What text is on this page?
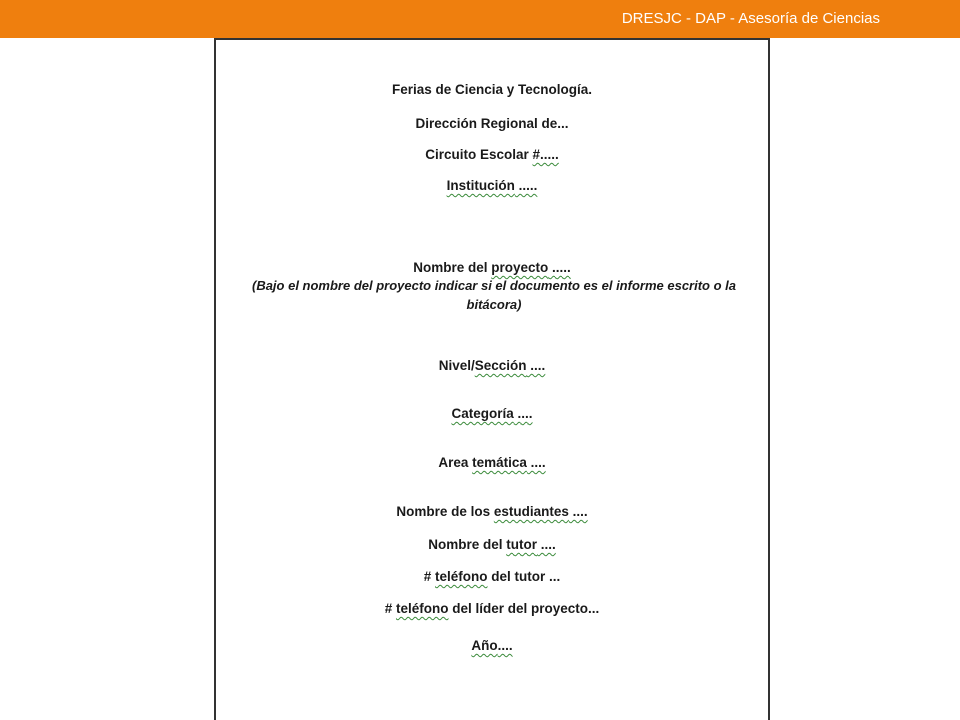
DRESJC - DAP - Asesoría de Ciencias
Ferias de Ciencia y Tecnología.
Dirección Regional de...
Circuito Escolar #.....
Institución .....
Nombre del proyecto .....
(Bajo el nombre del proyecto indicar si el documento es el informe escrito o la bitácora)
Nivel/Sección ....
Categoría ....
Area temática ....
Nombre de los estudiantes ....
Nombre del tutor ....
# teléfono del tutor ...
# teléfono del líder del proyecto...
Año....
